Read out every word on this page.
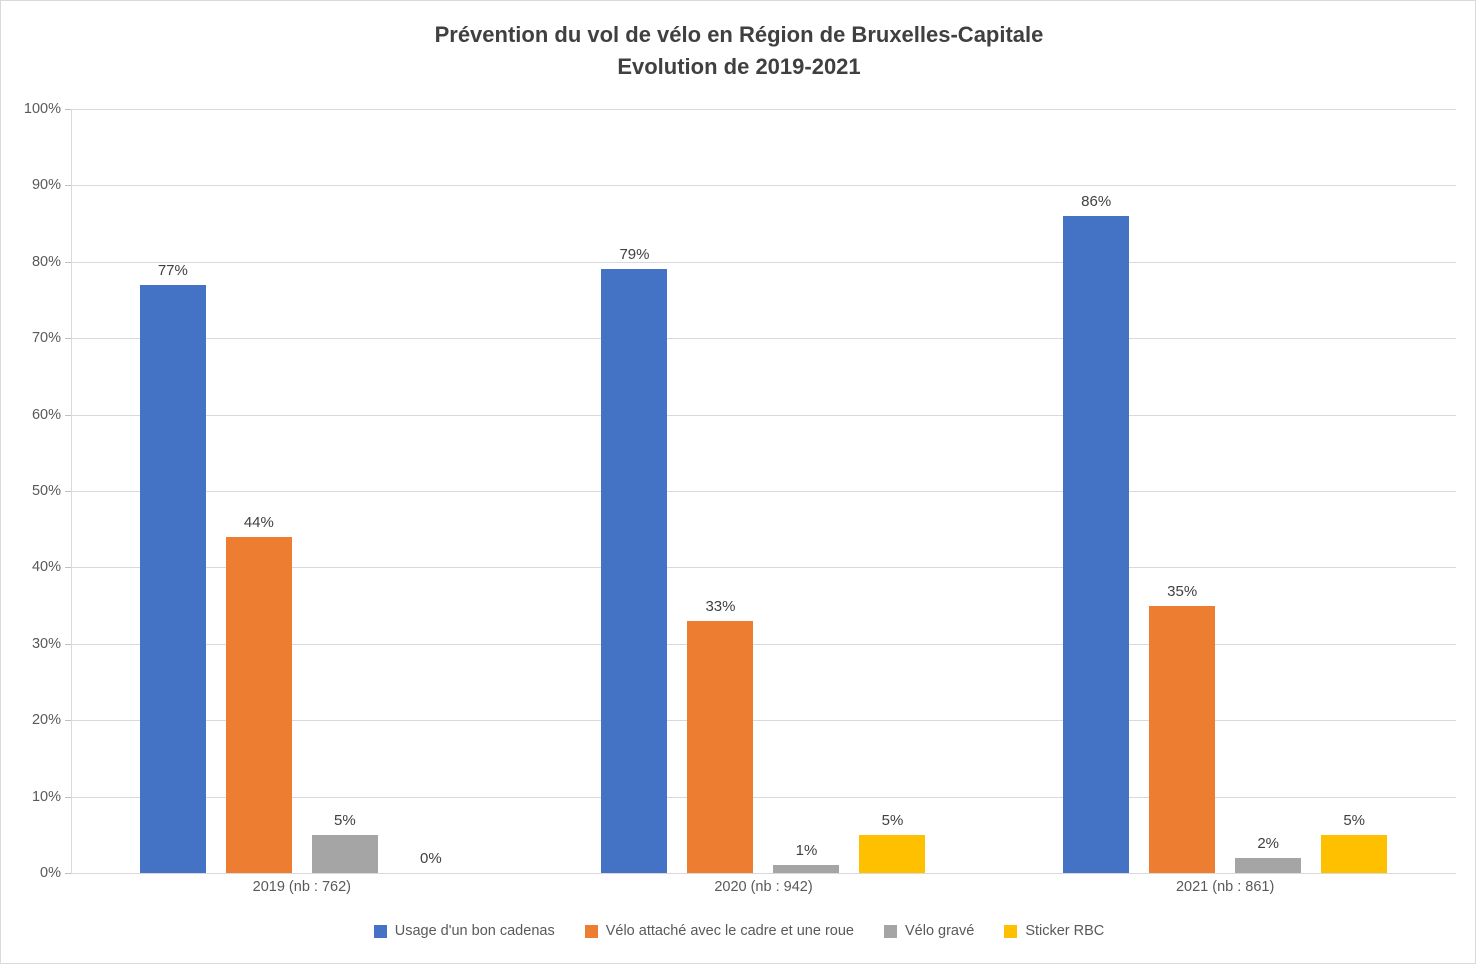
Prévention du vol de vélo en Région de Bruxelles-Capitale
Evolution de 2019-2021
0%
10%
20%
30%
40%
50%
60%
70%
80%
90%
100%
77%
44%
5%
0%
79%
33%
1%
5%
86%
35%
2%
5%
2019 (nb : 762)	2020 (nb : 942)	2021 (nb : 861)
Usage d'un bon cadenas	Vélo attaché avec le cadre et une roue	Vélo gravé	Sticker RBC
